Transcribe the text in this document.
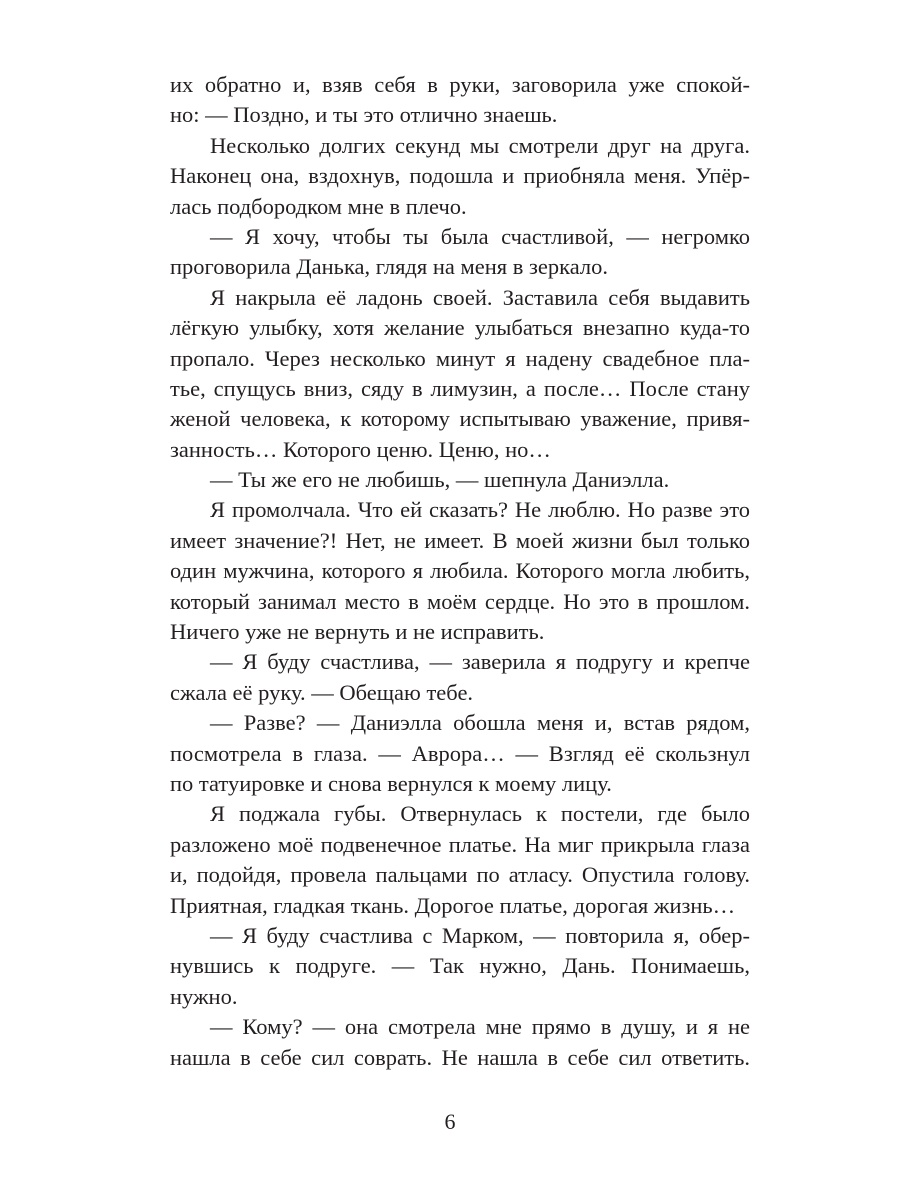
их обратно и, взяв себя в руки, заговорила уже спокой-
но: — Поздно, и ты это отлично знаешь.
Несколько долгих секунд мы смотрели друг на друга.
Наконец она, вздохнув, подошла и приобняла меня. Упёр-
лась подбородком мне в плечо.
— Я хочу, чтобы ты была счастливой, — негромко
проговорила Данька, глядя на меня в зеркало.
Я накрыла её ладонь своей. Заставила себя выдавить
лёгкую улыбку, хотя желание улыбаться внезапно куда-то
пропало. Через несколько минут я надену свадебное пла-
тье, спущусь вниз, сяду в лимузин, а после… После стану
женой человека, к которому испытываю уважение, привя-
занность… Которого ценю. Ценю, но…
— Ты же его не любишь, — шепнула Даниэлла.
Я промолчала. Что ей сказать? Не люблю. Но разве это
имеет значение?! Нет, не имеет. В моей жизни был только
один мужчина, которого я любила. Которого могла любить,
который занимал место в моём сердце. Но это в прошлом.
Ничего уже не вернуть и не исправить.
— Я буду счастлива, — заверила я подругу и крепче
сжала её руку. — Обещаю тебе.
— Разве? — Даниэлла обошла меня и, встав рядом,
посмотрела в глаза. — Аврора… — Взгляд её скользнул
по татуировке и снова вернулся к моему лицу.
Я поджала губы. Отвернулась к постели, где было
разложено моё подвенечное платье. На миг прикрыла глаза
и, подойдя, провела пальцами по атласу. Опустила голову.
Приятная, гладкая ткань. Дорогое платье, дорогая жизнь…
— Я буду счастлива с Марком, — повторила я, обер-
нувшись к подруге. — Так нужно, Дань. Понимаешь,
нужно.
— Кому? — она смотрела мне прямо в душу, и я не
нашла в себе сил соврать. Не нашла в себе сил ответить.
6
